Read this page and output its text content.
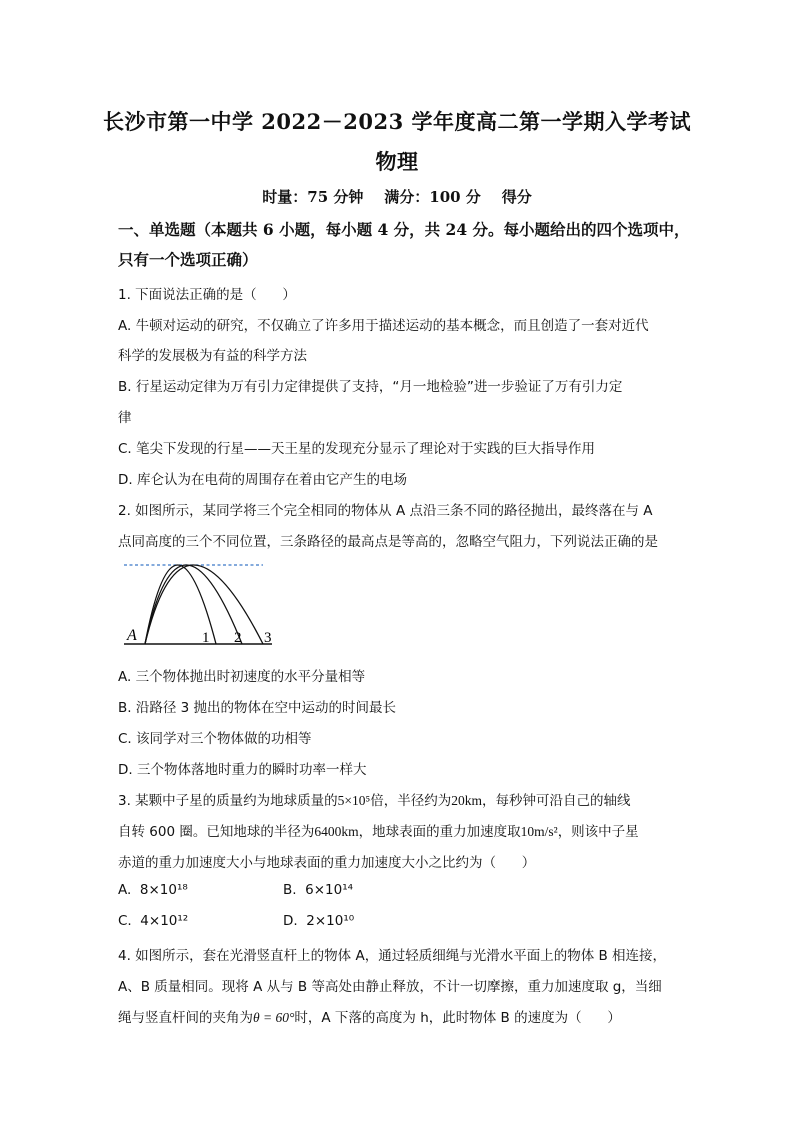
长沙市第一中学 2022－2023 学年度高二第一学期入学考试
物理
时量：75 分钟    满分：100 分    得分
一、单选题（本题共 6 小题，每小题 4 分，共 24 分。每小题给出的四个选项中，
只有一个选项正确）
1. 下面说法正确的是（      ）
A. 牛顿对运动的研究，不仅确立了许多用于描述运动的基本概念，而且创造了一套对近代
科学的发展极为有益的科学方法
B. 行星运动定律为万有引力定律提供了支持，“月一地检验”进一步验证了万有引力定
律
C. 笔尖下发现的行星——天王星的发现充分显示了理论对于实践的巨大指导作用
D. 库仑认为在电荷的周围存在着由它产生的电场
2. 如图所示，某同学将三个完全相同的物体从 A 点沿三条不同的路径抛出，最终落在与 A
点同高度的三个不同位置，三条路径的最高点是等高的，忽略空气阻力，下列说法正确的是
A	1 2 3
A. 三个物体抛出时初速度的水平分量相等
B. 沿路径 3 抛出的物体在空中运动的时间最长
C. 该同学对三个物体做的功相等
D. 三个物体落地时重力的瞬时功率一样大
3. 某颗中子星的质量约为地球质量的5×10⁵倍，半径约为20km，每秒钟可沿自己的轴线
自转 600 圈。已知地球的半径为6400km，地球表面的重力加速度取10m/s²，则该中子星
赤道的重力加速度大小与地球表面的重力加速度大小之比约为（      ）
A.  8×10¹⁸	B.  6×10¹⁴
C.  4×10¹²	D.  2×10¹⁰
4. 如图所示，套在光滑竖直杆上的物体 A，通过轻质细绳与光滑水平面上的物体 B 相连接，
A、B 质量相同。现将 A 从与 B 等高处由静止释放，不计一切摩擦，重力加速度取 g，当细
绳与竖直杆间的夹角为θ = 60°时，A 下落的高度为 h，此时物体 B 的速度为（      ）
